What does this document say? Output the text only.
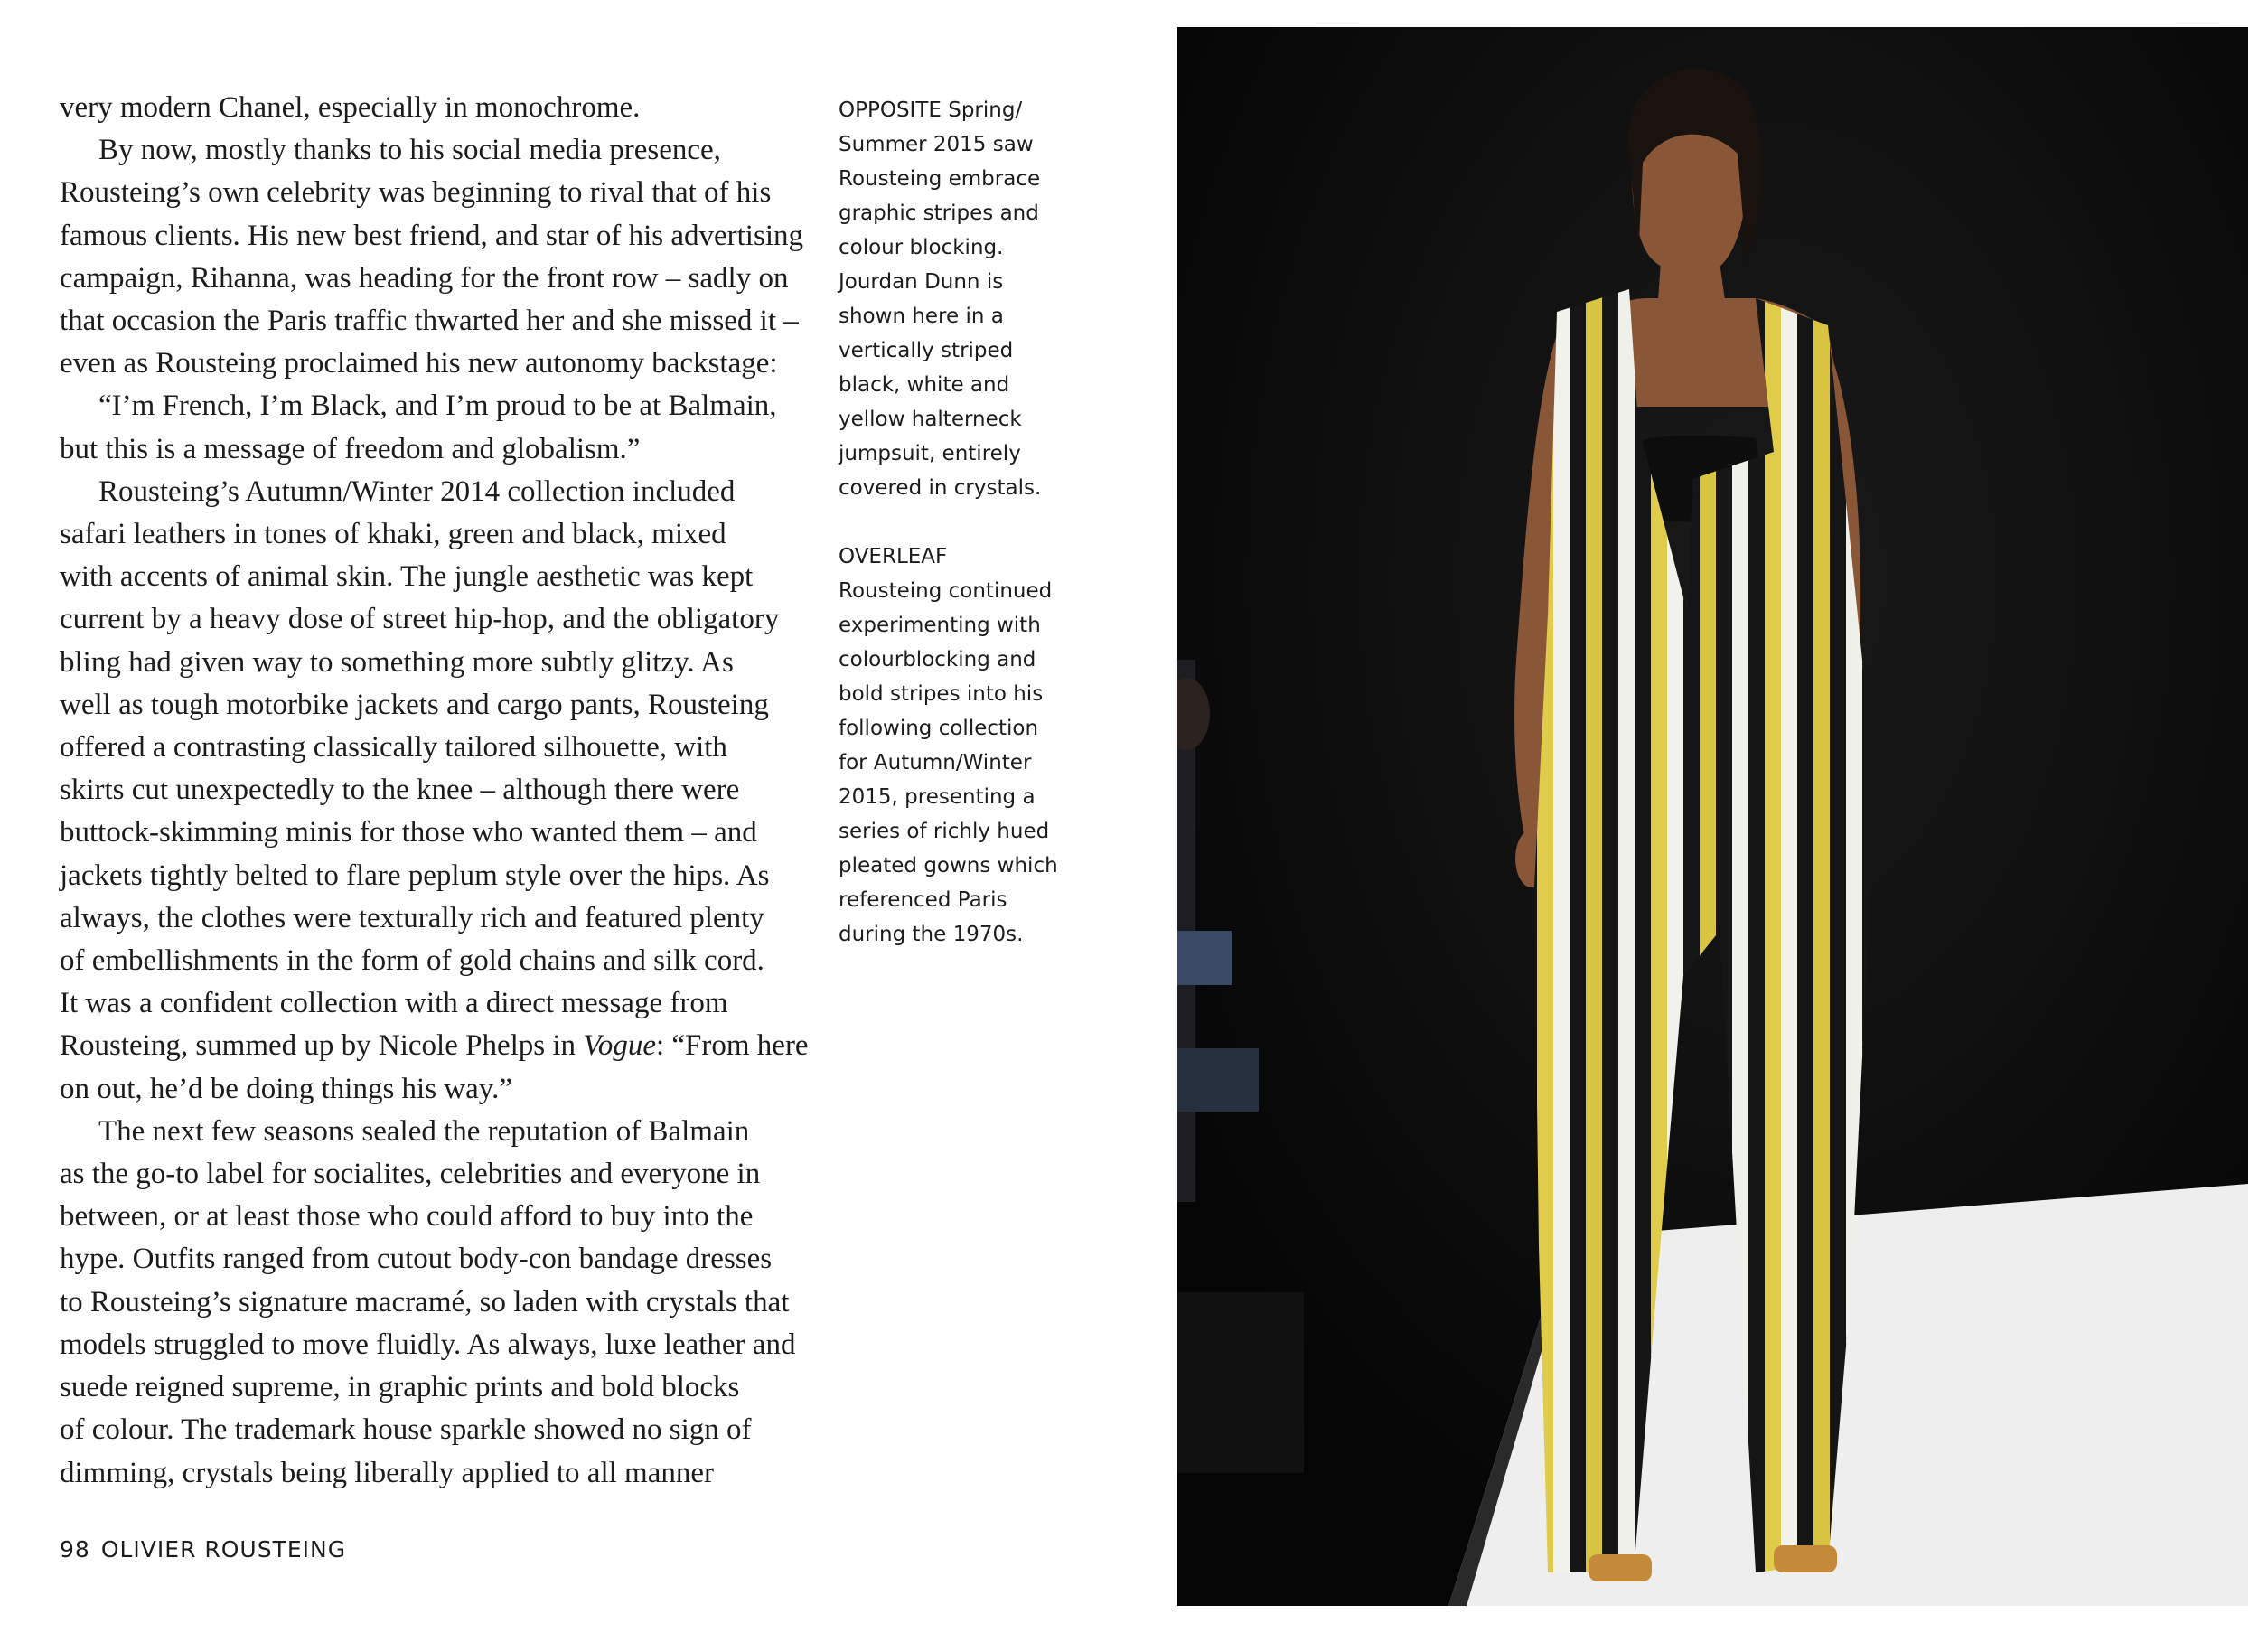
very modern Chanel, especially in monochrome.
By now, mostly thanks to his social media presence,
Rousteing’s own celebrity was beginning to rival that of his
famous clients. His new best friend, and star of his advertising
campaign, Rihanna, was heading for the front row – sadly on
that occasion the Paris traffic thwarted her and she missed it –
even as Rousteing proclaimed his new autonomy backstage:
“I’m French, I’m Black, and I’m proud to be at Balmain,
but this is a message of freedom and globalism.”
Rousteing’s Autumn/Winter 2014 collection included
safari leathers in tones of khaki, green and black, mixed
with accents of animal skin. The jungle aesthetic was kept
current by a heavy dose of street hip-hop, and the obligatory
bling had given way to something more subtly glitzy. As
well as tough motorbike jackets and cargo pants, Rousteing
offered a contrasting classically tailored silhouette, with
skirts cut unexpectedly to the knee – although there were
buttock-skimming minis for those who wanted them – and
jackets tightly belted to flare peplum style over the hips. As
always, the clothes were texturally rich and featured plenty
of embellishments in the form of gold chains and silk cord.
It was a confident collection with a direct message from
Rousteing, summed up by Nicole Phelps in Vogue: “From here
on out, he’d be doing things his way.”
The next few seasons sealed the reputation of Balmain
as the go-to label for socialites, celebrities and everyone in
between, or at least those who could afford to buy into the
hype. Outfits ranged from cutout body-con bandage dresses
to Rousteing’s signature macramé, so laden with crystals that
models struggled to move fluidly. As always, luxe leather and
suede reigned supreme, in graphic prints and bold blocks
of colour. The trademark house sparkle showed no sign of
dimming, crystals being liberally applied to all manner
OPPOSITE Spring/
Summer 2015 saw
Rousteing embrace
graphic stripes and
colour blocking.
Jourdan Dunn is
shown here in a
vertically striped
black, white and
yellow halterneck
jumpsuit, entirely
covered in crystals.
OVERLEAF
Rousteing continued
experimenting with
colourblocking and
bold stripes into his
following collection
for Autumn/Winter
2015, presenting a
series of richly hued
pleated gowns which
referenced Paris
during the 1970s.
98 OLIVIER ROUSTEING
